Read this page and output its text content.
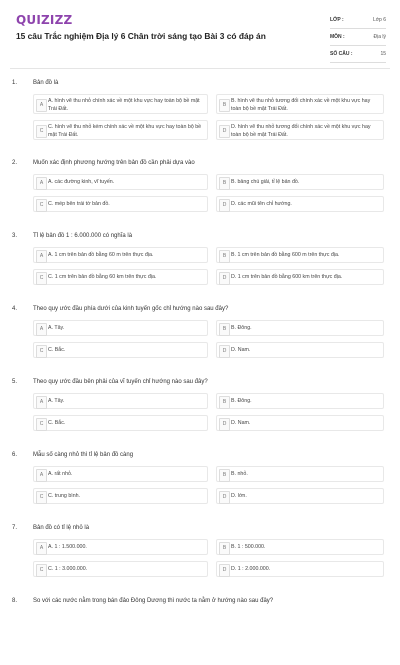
QUIZIZZ
15 câu Trắc nghiệm Địa lý 6 Chân trời sáng tạo Bài 3 có đáp án
LỚP :	Lớp 6
MÔN :	Địa lý
SỐ CÂU :	15
1.	Bản đồ là
A
A. hình vẽ thu nhỏ chính xác về một khu vực hay toàn bộ bề mặt Trái Đất.
B
B. hình vẽ thu nhỏ tương đối chính xác về một khu vực hay toàn bộ bề mặt Trái Đất.
C
C. hình vẽ thu nhỏ kém chính xác về một khu vực hay toàn bộ bề mặt Trái Đất.
D
D. hình vẽ thu nhỏ tương đối chính xác về một khu vực hay toàn bộ bề mặt Trái Đất.
2.	Muốn xác định phương hướng trên bản đồ cần phải dựa vào
A A. các đường kinh, vĩ tuyến.	B B. bảng chú giải, tỉ lệ bản đồ.
C C. mép bên trái tờ bản đồ.	D D. các mũi tên chỉ hướng.
3.	Tỉ lệ bản đồ 1 : 6.000.000 có nghĩa là
A A. 1 cm trên bản đồ bằng 60 m trên thực địa.	B B. 1 cm trên bản đồ bằng 600 m trên thực địa.
C C. 1 cm trên bản đồ bằng 60 km trên thực địa.	D D. 1 cm trên bản đồ bằng 600 km trên thực địa.
4.	Theo quy ước đầu phía dưới của kinh tuyến gốc chỉ hướng nào sau đây?
A A. Tây.	B B. Đông.
C C. Bắc.	D D. Nam.
5.	Theo quy ước đầu bên phải của vĩ tuyến chỉ hướng nào sau đây?
A A. Tây.	B B. Đông.
C C. Bắc.	D D. Nam.
6.	Mẫu số càng nhỏ thì tỉ lệ bản đồ càng
A A. rất nhỏ.	B B. nhỏ.
C C. trung bình.	D D. lớn.
7.	Bản đồ có tỉ lệ nhỏ là
A A. 1 : 1.500.000.	B B. 1 : 500.000.
C C. 1 : 3.000.000.	D D. 1 : 2.000.000.
8.	So với các nước nằm trong bán đảo Đông Dương thì nước ta nằm ở hướng nào sau đây?
